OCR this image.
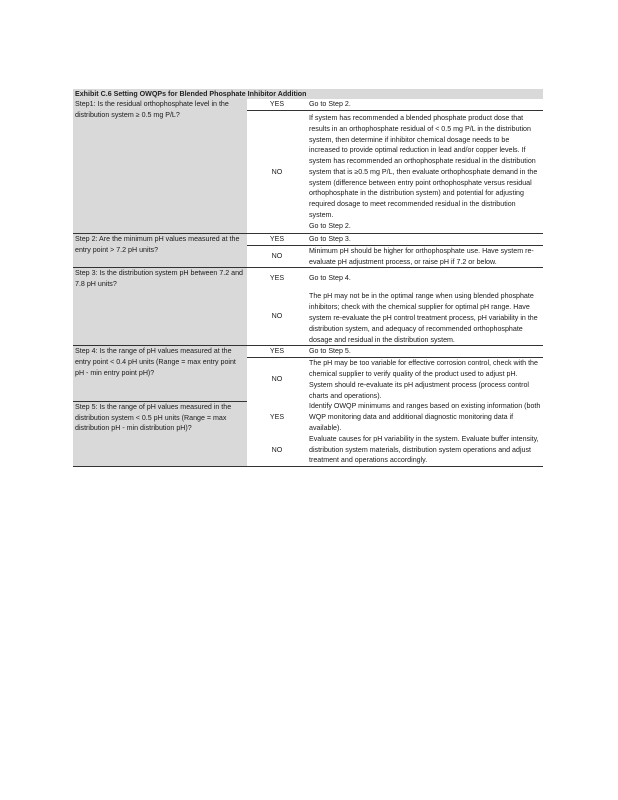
Exhibit C.6 Setting OWQPs for Blended Phosphate Inhibitor Addition		
Step1: Is the residual orthophosphate level in the distribution system ≥ 0.5 mg P/L?	YES	Go to Step 2.
	NO	If system has recommended a blended phosphate product dose that results in an orthophosphate residual of < 0.5 mg P/L in the distribution system, then determine if inhibitor chemical dosage needs to be increased to provide optimal reduction in lead and/or copper levels. If system has recommended an orthophosphate residual in the distribution system that is ≥0.5 mg P/L, then evaluate orthophosphate demand in the system (difference between entry point orthophosphate versus residual orthophosphate in the distribution system) and potential for adjusting required dosage to meet recommended residual in the distribution system.
Go to Step 2.

Step 2: Are the minimum pH values measured at the entry point > 7.2 pH units?	YES	Go to Step 3.
	NO	Minimum pH should be higher for orthophosphate use. Have system re-evaluate pH adjustment process, or raise pH if 7.2 or below.
Step 3: Is the distribution system pH between 7.2 and 7.8 pH units?	YES	Go to Step 4.
	NO	The pH may not be in the optimal range when using blended phosphate inhibitors; check with the chemical supplier for optimal pH range. Have system re-evaluate the pH control treatment process, pH variability in the distribution system, and adequacy of recommended orthophosphate dosage and residual in the distribution system.
Step 4: Is the range of pH values measured at the entry point < 0.4 pH units (Range = max entry point pH - min entry point pH)?	YES	Go to Step 5.
	NO	The pH may be too variable for effective corrosion control, check with the chemical supplier to verify quality of the product used to adjust pH. System should re-evaluate its pH adjustment process (process control charts and operations).
Step 5: Is the range of pH values measured in the distribution system < 0.5 pH units (Range = max distribution pH - min distribution pH)?	YES	Identify OWQP minimums and ranges based on existing information (both WQP monitoring data and additional diagnostic monitoring data if available).
	NO	Evaluate causes for pH variability in the system. Evaluate buffer intensity, distribution system materials, distribution system operations and adjust treatment and operations accordingly.
